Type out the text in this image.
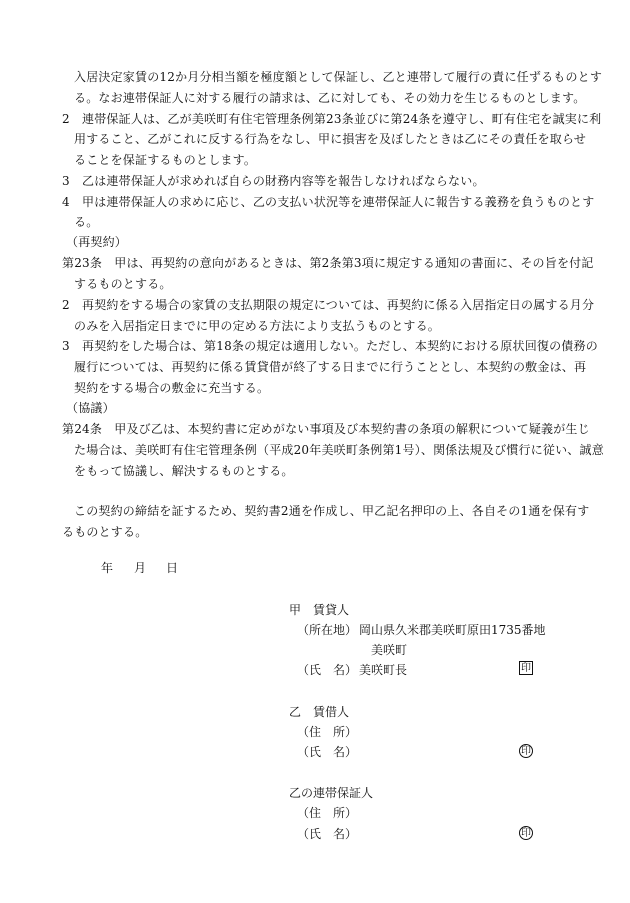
入居決定家賃の12か月分相当額を極度額として保証し、乙と連帯して履行の責に任ずるものとす
る。なお連帯保証人に対する履行の請求は、乙に対しても、その効力を生じるものとします。
2　連帯保証人は、乙が美咲町有住宅管理条例第23条並びに第24条を遵守し、町有住宅を誠実に利
用すること、乙がこれに反する行為をなし、甲に損害を及ぼしたときは乙にその責任を取らせ
ることを保証するものとします。
3　乙は連帯保証人が求めれば自らの財務内容等を報告しなければならない。
4　甲は連帯保証人の求めに応じ、乙の支払い状況等を連帯保証人に報告する義務を負うものとす
る。
（再契約）
第23条　甲は、再契約の意向があるときは、第2条第3項に規定する通知の書面に、その旨を付記
するものとする。
2　再契約をする場合の家賃の支払期限の規定については、再契約に係る入居指定日の属する月分
のみを入居指定日までに甲の定める方法により支払うものとする。
3　再契約をした場合は、第18条の規定は適用しない。ただし、本契約における原状回復の債務の
履行については、再契約に係る賃貸借が終了する日までに行うこととし、本契約の敷金は、再
契約をする場合の敷金に充当する。
（協議）
第24条　甲及び乙は、本契約書に定めがない事項及び本契約書の条項の解釈について疑義が生じ
た場合は、美咲町有住宅管理条例（平成20年美咲町条例第1号）、関係法規及び慣行に従い、誠意
をもって協議し、解決するものとする。
この契約の締結を証するため、契約書2通を作成し、甲乙記名押印の上、各自その1通を保有す
るものとする。
年 月 日
甲　賃貸人
（所在地） 岡山県久米郡美咲町原田1735番地
美咲町
（氏　名） 美咲町長	印
乙　賃借人
（住　所）
（氏　名）	印
乙の連帯保証人
（住　所）
（氏　名）	印
